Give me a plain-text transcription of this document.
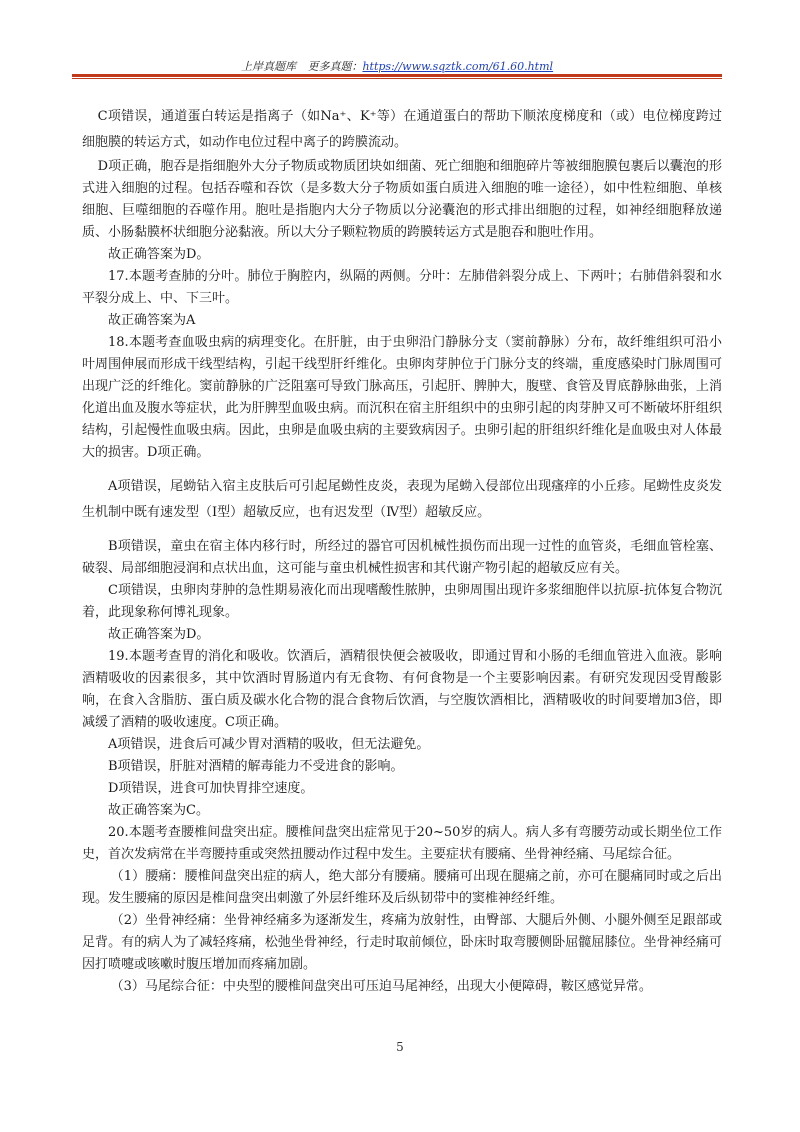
上岸真题库 更多真题：https://www.sqztk.com/61.60.html

C项错误，通道蛋白转运是指离子（如Na⁺、K⁺等）在通道蛋白的帮助下顺浓度梯度和（或）电位梯度跨过细胞膜的转运方式，如动作电位过程中离子的跨膜流动。

D项正确，胞吞是指细胞外大分子物质或物质团块如细菌、死亡细胞和细胞碎片等被细胞膜包裹后以囊泡的形式进入细胞的过程。包括吞噬和吞饮（是多数大分子物质如蛋白质进入细胞的唯一途径），如中性粒细胞、单核细胞、巨噬细胞的吞噬作用。胞吐是指胞内大分子物质以分泌囊泡的形式排出细胞的过程，如神经细胞释放递质、小肠黏膜杯状细胞分泌黏液。所以大分子颗粒物质的跨膜转运方式是胞吞和胞吐作用。

故正确答案为D。

17.本题考查肺的分叶。肺位于胸腔内，纵隔的两侧。分叶：左肺借斜裂分成上、下两叶；右肺借斜裂和水平裂分成上、中、下三叶。

故正确答案为A

18.本题考查血吸虫病的病理变化。在肝脏，由于虫卵沿门静脉分支（窦前静脉）分布，故纤维组织可沿小叶周围伸展而形成干线型结构，引起干线型肝纤维化。虫卵肉芽肿位于门脉分支的终端，重度感染时门脉周围可出现广泛的纤维化。窦前静脉的广泛阻塞可导致门脉高压，引起肝、脾肿大，腹壁、食管及胃底静脉曲张，上消化道出血及腹水等症状，此为肝脾型血吸虫病。而沉积在宿主肝组织中的虫卵引起的肉芽肿又可不断破坏肝组织结构，引起慢性血吸虫病。因此，虫卵是血吸虫病的主要致病因子。虫卵引起的肝组织纤维化是血吸虫对人体最大的损害。D项正确。

A项错误，尾蚴钻入宿主皮肤后可引起尾蚴性皮炎，表现为尾蚴入侵部位出现瘙痒的小丘疹。尾蚴性皮炎发生机制中既有速发型（Ⅰ型）超敏反应，也有迟发型（Ⅳ型）超敏反应。

B项错误，童虫在宿主体内移行时，所经过的器官可因机械性损伤而出现一过性的血管炎，毛细血管栓塞、破裂、局部细胞浸润和点状出血，这可能与童虫机械性损害和其代谢产物引起的超敏反应有关。

C项错误，虫卵肉芽肿的急性期易液化而出现嗜酸性脓肿，虫卵周围出现许多浆细胞伴以抗原-抗体复合物沉着，此现象称何博礼现象。

故正确答案为D。

19.本题考查胃的消化和吸收。饮酒后，酒精很快便会被吸收，即通过胃和小肠的毛细血管进入血液。影响酒精吸收的因素很多，其中饮酒时胃肠道内有无食物、有何食物是一个主要影响因素。有研究发现因受胃酸影响，在食入含脂肪、蛋白质及碳水化合物的混合食物后饮酒，与空腹饮酒相比，酒精吸收的时间要增加3倍，即减缓了酒精的吸收速度。C项正确。

A项错误，进食后可减少胃对酒精的吸收，但无法避免。

B项错误，肝脏对酒精的解毒能力不受进食的影响。

D项错误，进食可加快胃排空速度。

故正确答案为C。

20.本题考查腰椎间盘突出症。腰椎间盘突出症常见于20~50岁的病人。病人多有弯腰劳动或长期坐位工作史，首次发病常在半弯腰持重或突然扭腰动作过程中发生。主要症状有腰痛、坐骨神经痛、马尾综合征。

（1）腰痛：腰椎间盘突出症的病人，绝大部分有腰痛。腰痛可出现在腿痛之前，亦可在腿痛同时或之后出现。发生腰痛的原因是椎间盘突出刺激了外层纤维环及后纵韧带中的窦椎神经纤维。

（2）坐骨神经痛：坐骨神经痛多为逐渐发生，疼痛为放射性，由臀部、大腿后外侧、小腿外侧至足跟部或足背。有的病人为了减轻疼痛，松弛坐骨神经，行走时取前倾位，卧床时取弯腰侧卧屈髋屈膝位。坐骨神经痛可因打喷嚏或咳嗽时腹压增加而疼痛加剧。

（3）马尾综合征：中央型的腰椎间盘突出可压迫马尾神经，出现大小便障碍，鞍区感觉异常。

5
